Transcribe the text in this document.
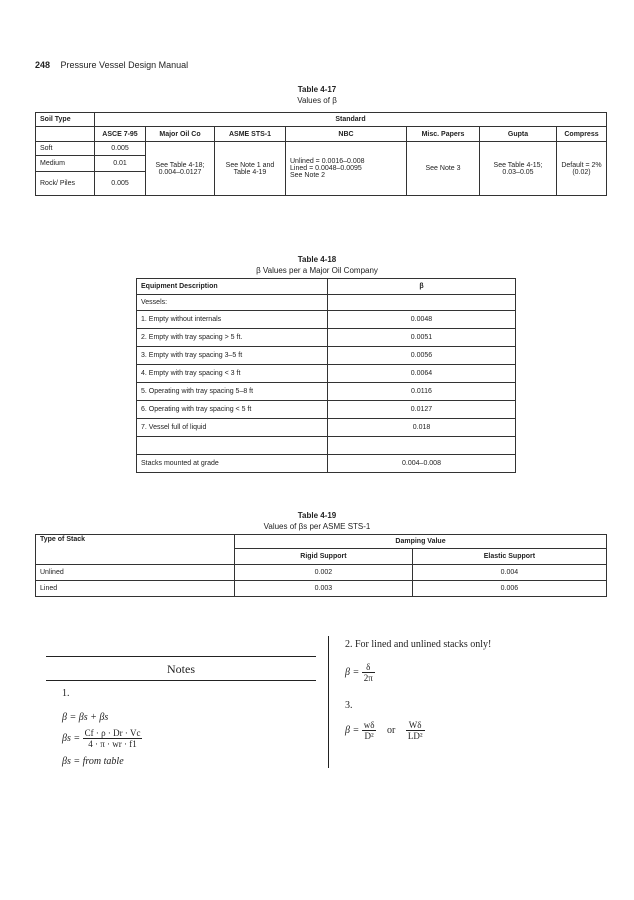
248 Pressure Vessel Design Manual
Table 4-17
Values of β
Soil Type	Standard						
	ASCE 7-95	Major Oil Co	ASME STS-1	NBC	Misc. Papers	Gupta	Compress
Soft	0.005	See Table 4-18; 0.004–0.0127	See Note 1 and Table 4-19	Unlined = 0.0016–0.008
Lined = 0.0048–0.0095
See Note 2	See Note 3	See Table 4-15; 0.03–0.05	Default = 2% (0.02)
Medium	0.01						
Rock/ Piles	0.005						
Table 4-18
β Values per a Major Oil Company
Equipment Description	β
Vessels:	
1. Empty without internals	0.0048
2. Empty with tray spacing > 5 ft.	0.0051
3. Empty with tray spacing 3–5 ft	0.0056
4. Empty with tray spacing < 3 ft	0.0064
5. Operating with tray spacing 5–8 ft	0.0116
6. Operating with tray spacing < 5 ft	0.0127
7. Vessel full of liquid	0.018

Stacks mounted at grade	0.004–0.008
Table 4-19
Values of βs per ASME STS-1
Type of Stack	Damping Value	
	Rigid Support	Elastic Support
Unlined	0.002	0.004
Lined	0.003	0.006
Notes
1.
β = βs + βs
$\beta s = \frac{Cf \cdot \rho \cdot Dr \cdot Vc}{4 \cdot \pi \cdot wr \cdot f1}$
βs = from table
2. For lined and unlined stacks only!
$\beta = \frac{\delta}{2\pi}$
3.
$\beta = \frac{w\delta}{\text{D²}}$ or $\frac{W\delta}{\text{LD²}}$
